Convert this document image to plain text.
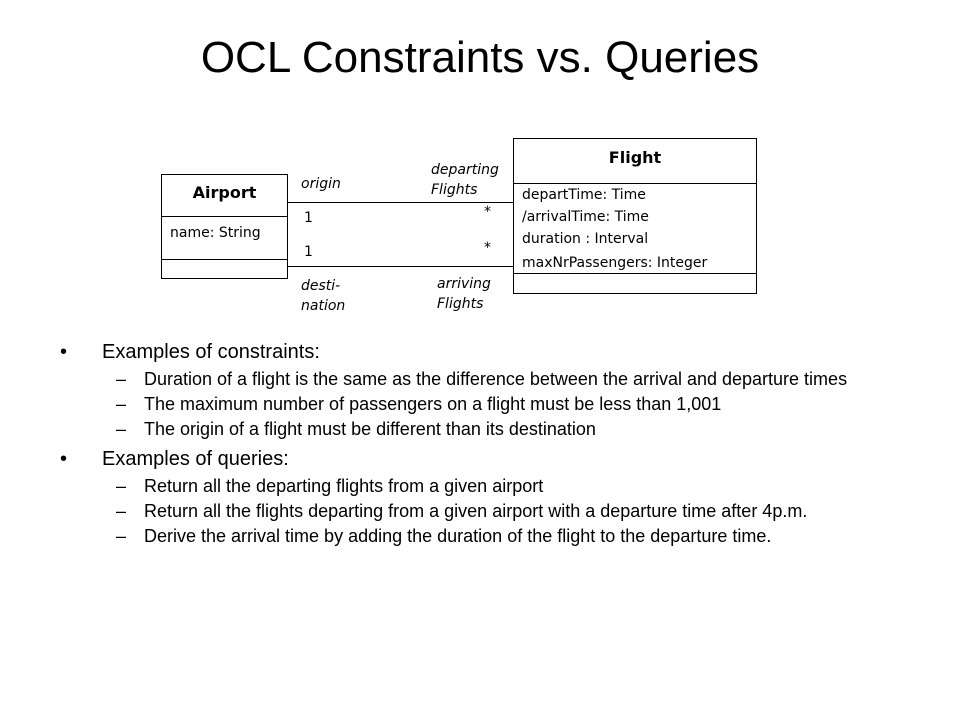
OCL Constraints vs. Queries
Airport
name: String
Flight
departTime: Time
/arrivalTime: Time
duration : Interval
maxNrPassengers: Integer
origin
1
departing
Flights
*
1
desti-
nation
*
arriving
Flights
• Examples of constraints:
– Duration of a flight is the same as the difference between the arrival and departure times
– The maximum number of passengers on a flight must be less than 1,001
– The origin of a flight must be different than its destination
• Examples of queries:
– Return all the departing flights from a given airport
– Return all the flights departing from a given airport with a departure time after 4p.m.
– Derive the arrival time by adding the duration of the flight to the departure time.
